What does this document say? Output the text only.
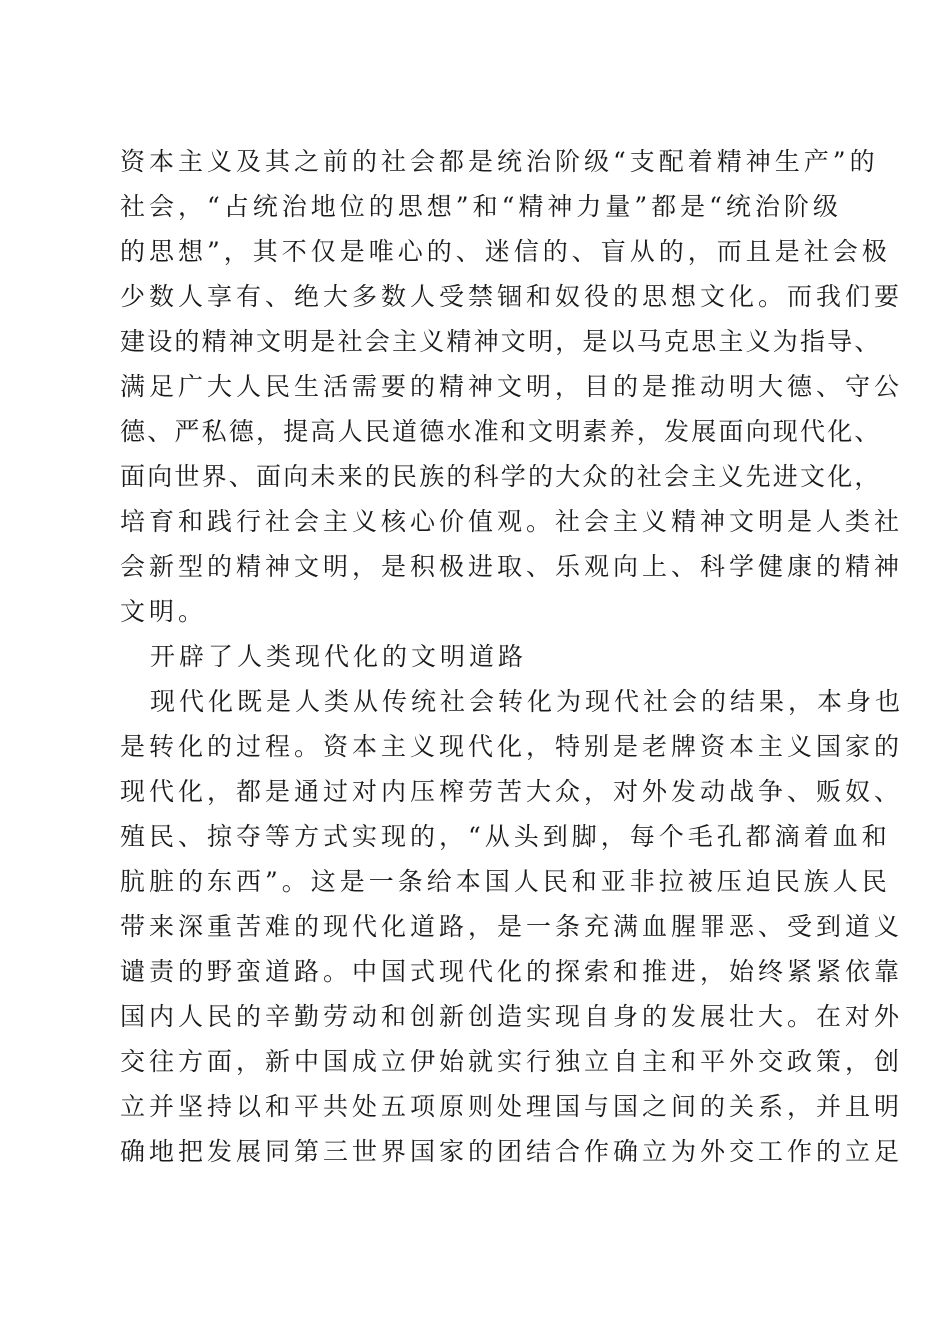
资本主义及其之前的社会都是统治阶级“支配着精神生产”的
社会，“占统治地位的思想”和“精神力量”都是“统治阶级
的思想”，其不仅是唯心的、迷信的、盲从的，而且是社会极
少数人享有、绝大多数人受禁锢和奴役的思想文化。而我们要
建设的精神文明是社会主义精神文明，是以马克思主义为指导、
满足广大人民生活需要的精神文明，目的是推动明大德、守公
德、严私德，提高人民道德水准和文明素养，发展面向现代化、
面向世界、面向未来的民族的科学的大众的社会主义先进文化，
培育和践行社会主义核心价值观。社会主义精神文明是人类社
会新型的精神文明，是积极进取、乐观向上、科学健康的精神
文明。
开辟了人类现代化的文明道路
现代化既是人类从传统社会转化为现代社会的结果，本身也
是转化的过程。资本主义现代化，特别是老牌资本主义国家的
现代化，都是通过对内压榨劳苦大众，对外发动战争、贩奴、
殖民、掠夺等方式实现的，“从头到脚，每个毛孔都滴着血和
肮脏的东西”。这是一条给本国人民和亚非拉被压迫民族人民
带来深重苦难的现代化道路，是一条充满血腥罪恶、受到道义
谴责的野蛮道路。中国式现代化的探索和推进，始终紧紧依靠
国内人民的辛勤劳动和创新创造实现自身的发展壮大。在对外
交往方面，新中国成立伊始就实行独立自主和平外交政策，创
立并坚持以和平共处五项原则处理国与国之间的关系，并且明
确地把发展同第三世界国家的团结合作确立为外交工作的立足
